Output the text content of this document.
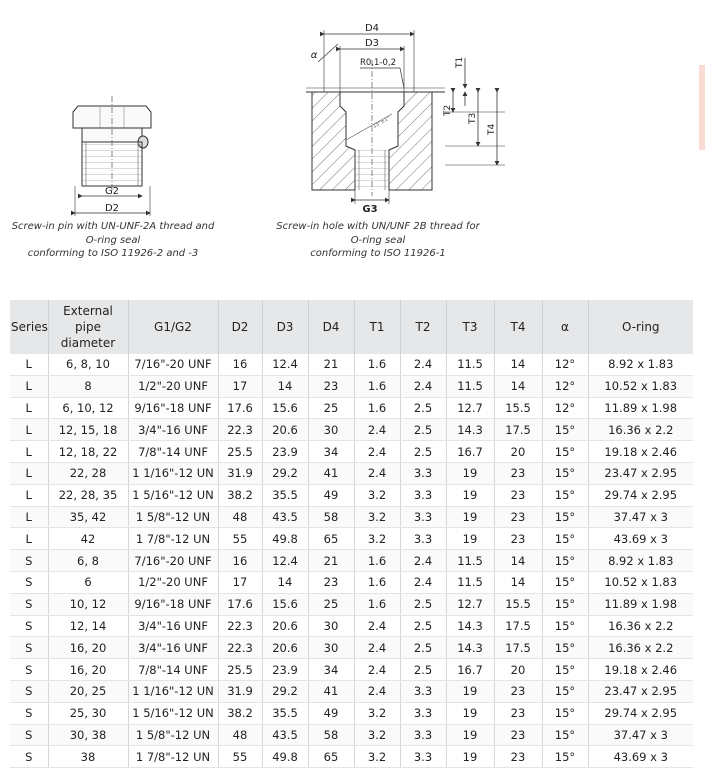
G2
D2
D4
D3
R0,1-0,2
α
T1
T2
T3
T4
G3
15°±1°
Screw-in pin with UN-UNF-2A thread and
O-ring seal
conforming to ISO 11926-2 and -3
Screw-in hole with UN/UNF 2B thread for
O-ring seal
conforming to ISO 11926-1
Series	External pipe diameter	G1/G2	D2	D3	D4	T1	T2	T3	T4	α	O-ring
L	6, 8, 10	7/16"-20 UNF	16	12.4	21	1.6	2.4	11.5	14	12°	8.92 x 1.83
L	8	1/2"-20 UNF	17	14	23	1.6	2.4	11.5	14	12°	10.52 x 1.83
L	6, 10, 12	9/16"-18 UNF	17.6	15.6	25	1.6	2.5	12.7	15.5	12°	11.89 x 1.98
L	12, 15, 18	3/4"-16 UNF	22.3	20.6	30	2.4	2.5	14.3	17.5	15°	16.36 x 2.2
L	12, 18, 22	7/8"-14 UNF	25.5	23.9	34	2.4	2.5	16.7	20	15°	19.18 x 2.46
L	22, 28	1 1/16"-12 UN	31.9	29.2	41	2.4	3.3	19	23	15°	23.47 x 2.95
L	22, 28, 35	1 5/16"-12 UN	38.2	35.5	49	3.2	3.3	19	23	15°	29.74 x 2.95
L	35, 42	1 5/8"-12 UN	48	43.5	58	3.2	3.3	19	23	15°	37.47 x 3
L	42	1 7/8"-12 UN	55	49.8	65	3.2	3.3	19	23	15°	43.69 x 3
S	6, 8	7/16"-20 UNF	16	12.4	21	1.6	2.4	11.5	14	15°	8.92 x 1.83
S	6	1/2"-20 UNF	17	14	23	1.6	2.4	11.5	14	15°	10.52 x 1.83
S	10, 12	9/16"-18 UNF	17.6	15.6	25	1.6	2.5	12.7	15.5	15°	11.89 x 1.98
S	12, 14	3/4"-16 UNF	22.3	20.6	30	2.4	2.5	14.3	17.5	15°	16.36 x 2.2
S	16, 20	3/4"-16 UNF	22.3	20.6	30	2.4	2.5	14.3	17.5	15°	16.36 x 2.2
S	16, 20	7/8"-14 UNF	25.5	23.9	34	2.4	2.5	16.7	20	15°	19.18 x 2.46
S	20, 25	1 1/16"-12 UN	31.9	29.2	41	2.4	3.3	19	23	15°	23.47 x 2.95
S	25, 30	1 5/16"-12 UN	38.2	35.5	49	3.2	3.3	19	23	15°	29.74 x 2.95
S	30, 38	1 5/8"-12 UN	48	43.5	58	3.2	3.3	19	23	15°	37.47 x 3
S	38	1 7/8"-12 UN	55	49.8	65	3.2	3.3	19	23	15°	43.69 x 3
